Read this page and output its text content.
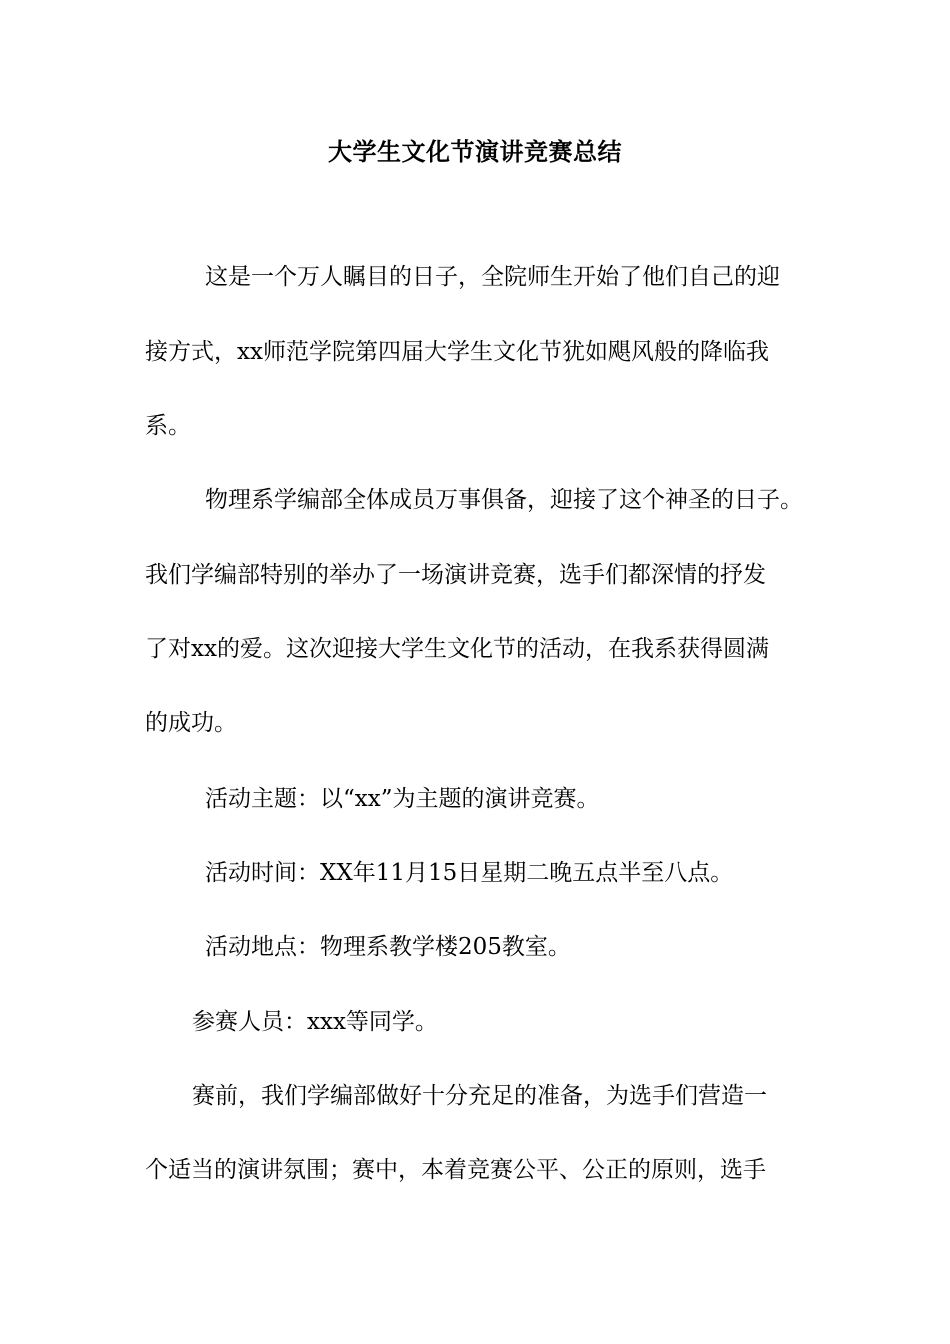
大学生文化节演讲竞赛总结
这是一个万人瞩目的日子，全院师生开始了他们自己的迎
接方式，xx师范学院第四届大学生文化节犹如飓风般的降临我
系。
物理系学编部全体成员万事俱备，迎接了这个神圣的日子。
我们学编部特别的举办了一场演讲竞赛，选手们都深情的抒发
了对xx的爱。这次迎接大学生文化节的活动，在我系获得圆满
的成功。
活动主题：以“xx”为主题的演讲竞赛。
活动时间：XX年11月15日星期二晚五点半至八点。
活动地点：物理系教学楼205教室。
参赛人员：xxx等同学。
赛前，我们学编部做好十分充足的准备，为选手们营造一
个适当的演讲氛围；赛中，本着竞赛公平、公正的原则，选手
